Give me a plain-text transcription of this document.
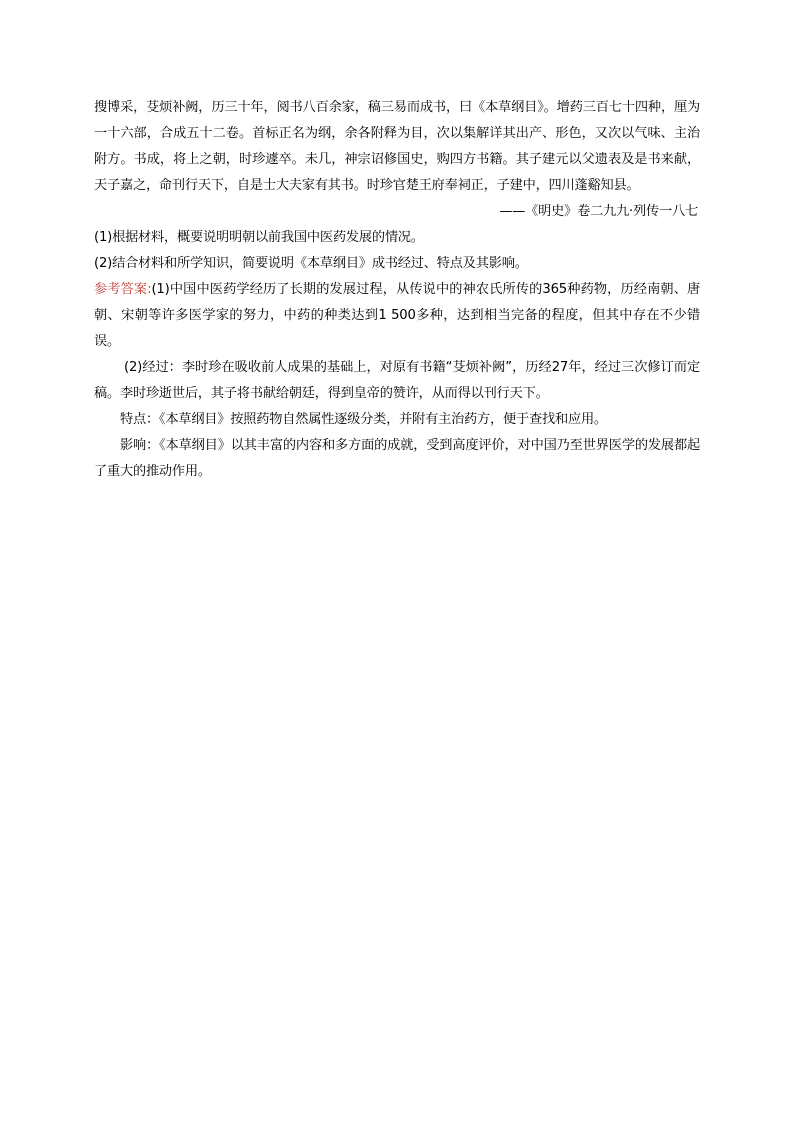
搜博采，芟烦补阙，历三十年，阅书八百余家，稿三易而成书，曰《本草纲目》。增药三百七十四种，厘为一十六部，合成五十二卷。首标正名为纲，余各附释为目，次以集解详其出产、形色，又次以气味、主治附方。书成，将上之朝，时珍遽卒。未几，神宗诏修国史，购四方书籍。其子建元以父遗表及是书来献，天子嘉之，命刊行天下，自是士大夫家有其书。时珍官楚王府奉祠正，子建中，四川蓬谿知县。

——《明史》卷二九九·列传一八七

(1)根据材料，概要说明明朝以前我国中医药发展的情况。

(2)结合材料和所学知识，简要说明《本草纲目》成书经过、特点及其影响。

参考答案:(1)中国中医药学经历了长期的发展过程，从传说中的神农氏所传的365种药物，历经南朝、唐朝、宋朝等许多医学家的努力，中药的种类达到1 500多种，达到相当完备的程度，但其中存在不少错误。

(2)经过：李时珍在吸收前人成果的基础上，对原有书籍“芟烦补阙”，历经27年，经过三次修订而定稿。李时珍逝世后，其子将书献给朝廷，得到皇帝的赞许，从而得以刊行天下。

特点：《本草纲目》按照药物自然属性逐级分类，并附有主治药方，便于查找和应用。

影响：《本草纲目》以其丰富的内容和多方面的成就，受到高度评价，对中国乃至世界医学的发展都起了重大的推动作用。
